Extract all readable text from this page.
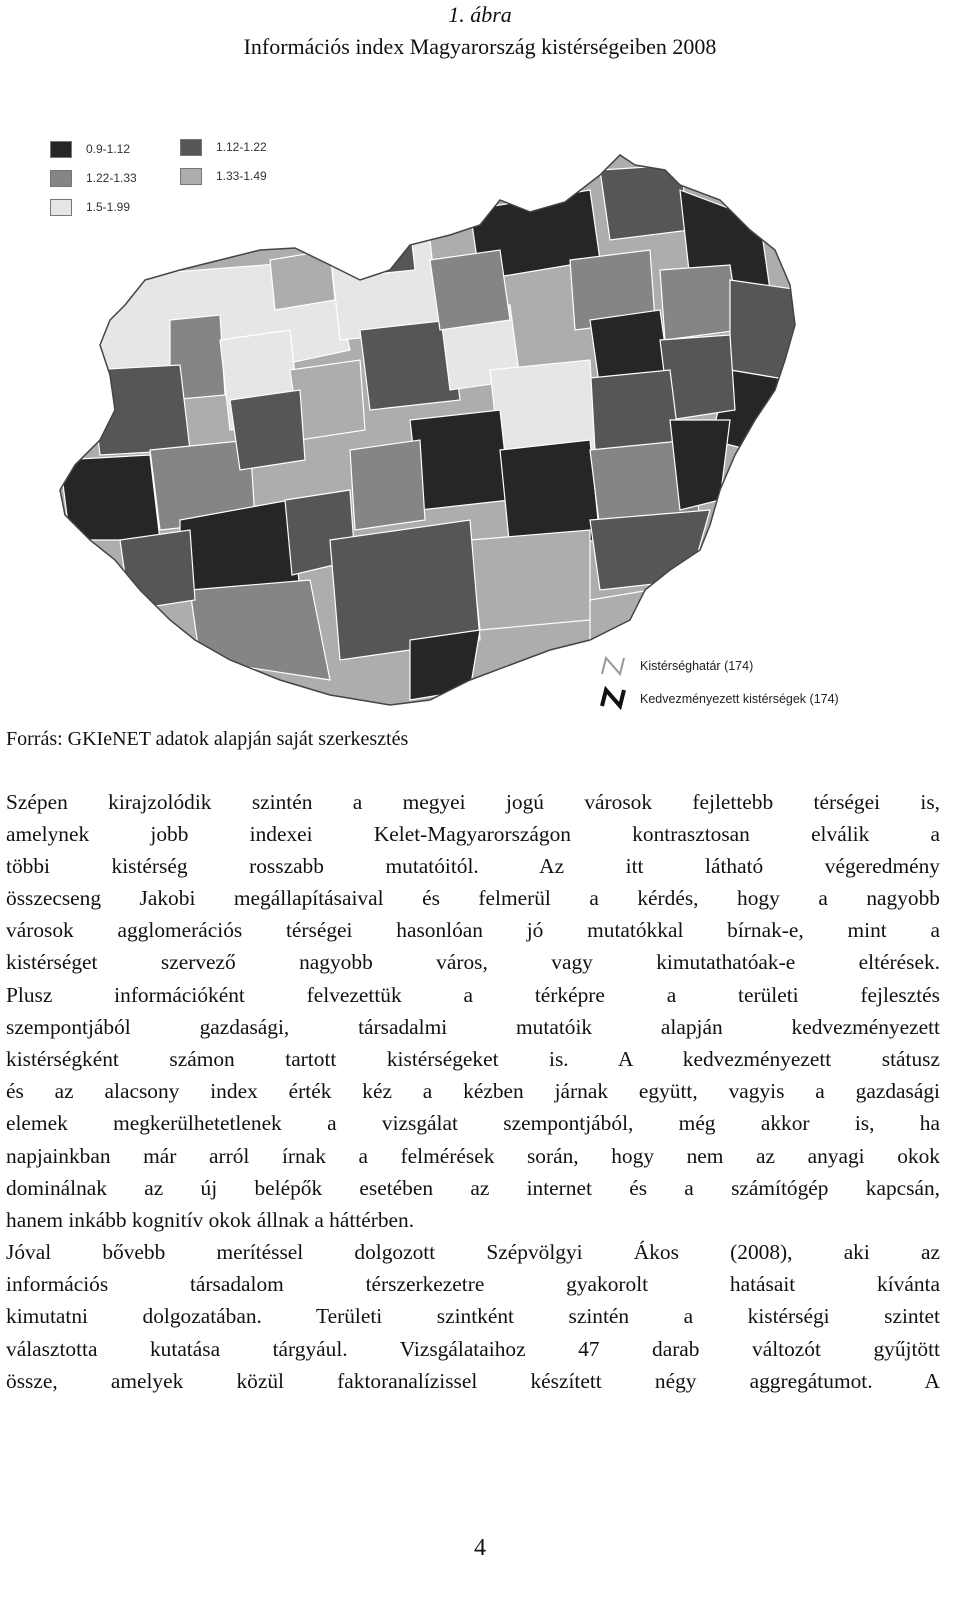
1. ábra
Információs index Magyarország kistérségeiben 2008
0.9-1.12	1.12-1.22
1.22-1.33	1.33-1.49
1.5-1.99
Kistérséghatár (174)
Kedvezményezett kistérségek (174)
Forrás: GKIeNET adatok alapján saját szerkesztés

Szépen kirajzolódik szintén a megyei jogú városok fejlettebb térségei is,

amelynek jobb indexei Kelet-Magyarországon kontrasztosan elválik a

többi kistérség rosszabb mutatóitól. Az itt látható végeredmény

összecseng Jakobi megállapításaival és felmerül a kérdés, hogy a nagyobb

városok agglomerációs térségei hasonlóan jó mutatókkal bírnak-e, mint a

kistérséget szervező nagyobb város, vagy kimutathatóak-e eltérések.

Plusz információként felvezettük a térképre a területi fejlesztés

szempontjából gazdasági, társadalmi mutatóik alapján kedvezményezett

kistérségként számon tartott kistérségeket is. A kedvezményezett státusz

és az alacsony index érték kéz a kézben járnak együtt, vagyis a gazdasági

elemek megkerülhetetlenek a vizsgálat szempontjából, még akkor is, ha

napjainkban már arról írnak a felmérések során, hogy nem az anyagi okok

dominálnak az új belépők esetében az internet és a számítógép kapcsán,

hanem inkább kognitív okok állnak a háttérben.

Jóval bővebb merítéssel dolgozott Szépvölgyi Ákos (2008), aki az

információs társadalom térszerkezetre gyakorolt hatásait kívánta

kimutatni dolgozatában. Területi szintként szintén a kistérségi szintet

választotta kutatása tárgyául. Vizsgálataihoz 47 darab változót gyűjtött

össze, amelyek közül faktoranalízissel készített négy aggregátumot. A

4
